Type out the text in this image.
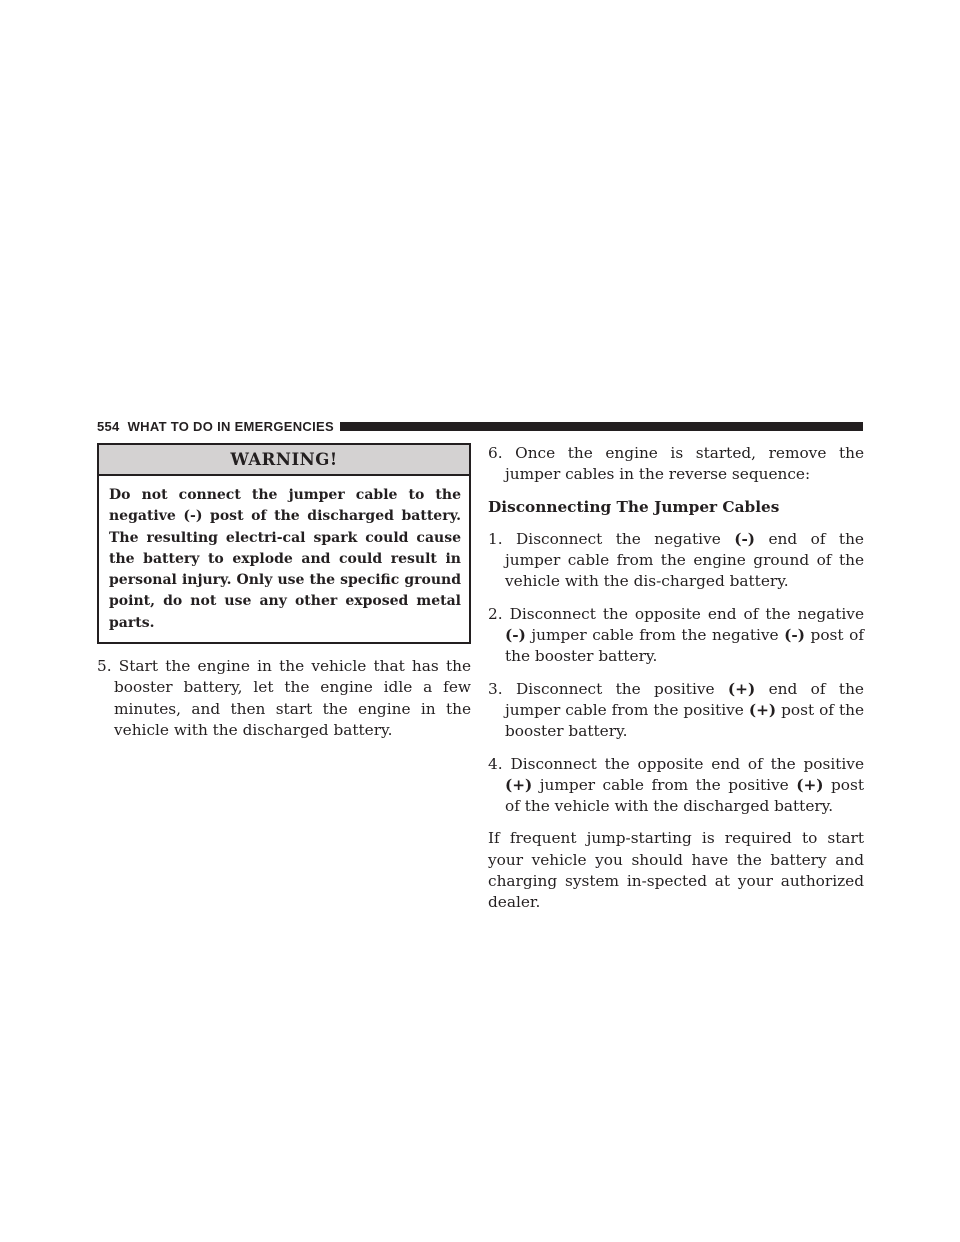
554 WHAT TO DO IN EMERGENCIES
WARNING!
Do not connect the jumper cable to the negative (-) post of the discharged battery. The resulting electri-cal spark could cause the battery to explode and could result in personal injury. Only use the specific ground point, do not use any other exposed metal parts.

5. Start the engine in the vehicle that has the booster battery, let the engine idle a few minutes, and then start the engine in the vehicle with the discharged battery.

6. Once the engine is started, remove the jumper cables in the reverse sequence:

Disconnecting The Jumper Cables

1. Disconnect the negative (-) end of the jumper cable from the engine ground of the vehicle with the dis-charged battery.

2. Disconnect the opposite end of the negative (-) jumper cable from the negative (-) post of the booster battery.

3. Disconnect the positive (+) end of the jumper cable from the positive (+) post of the booster battery.

4. Disconnect the opposite end of the positive (+) jumper cable from the positive (+) post of the vehicle with the discharged battery.

If frequent jump-starting is required to start your vehicle you should have the battery and charging system in-spected at your authorized dealer.
